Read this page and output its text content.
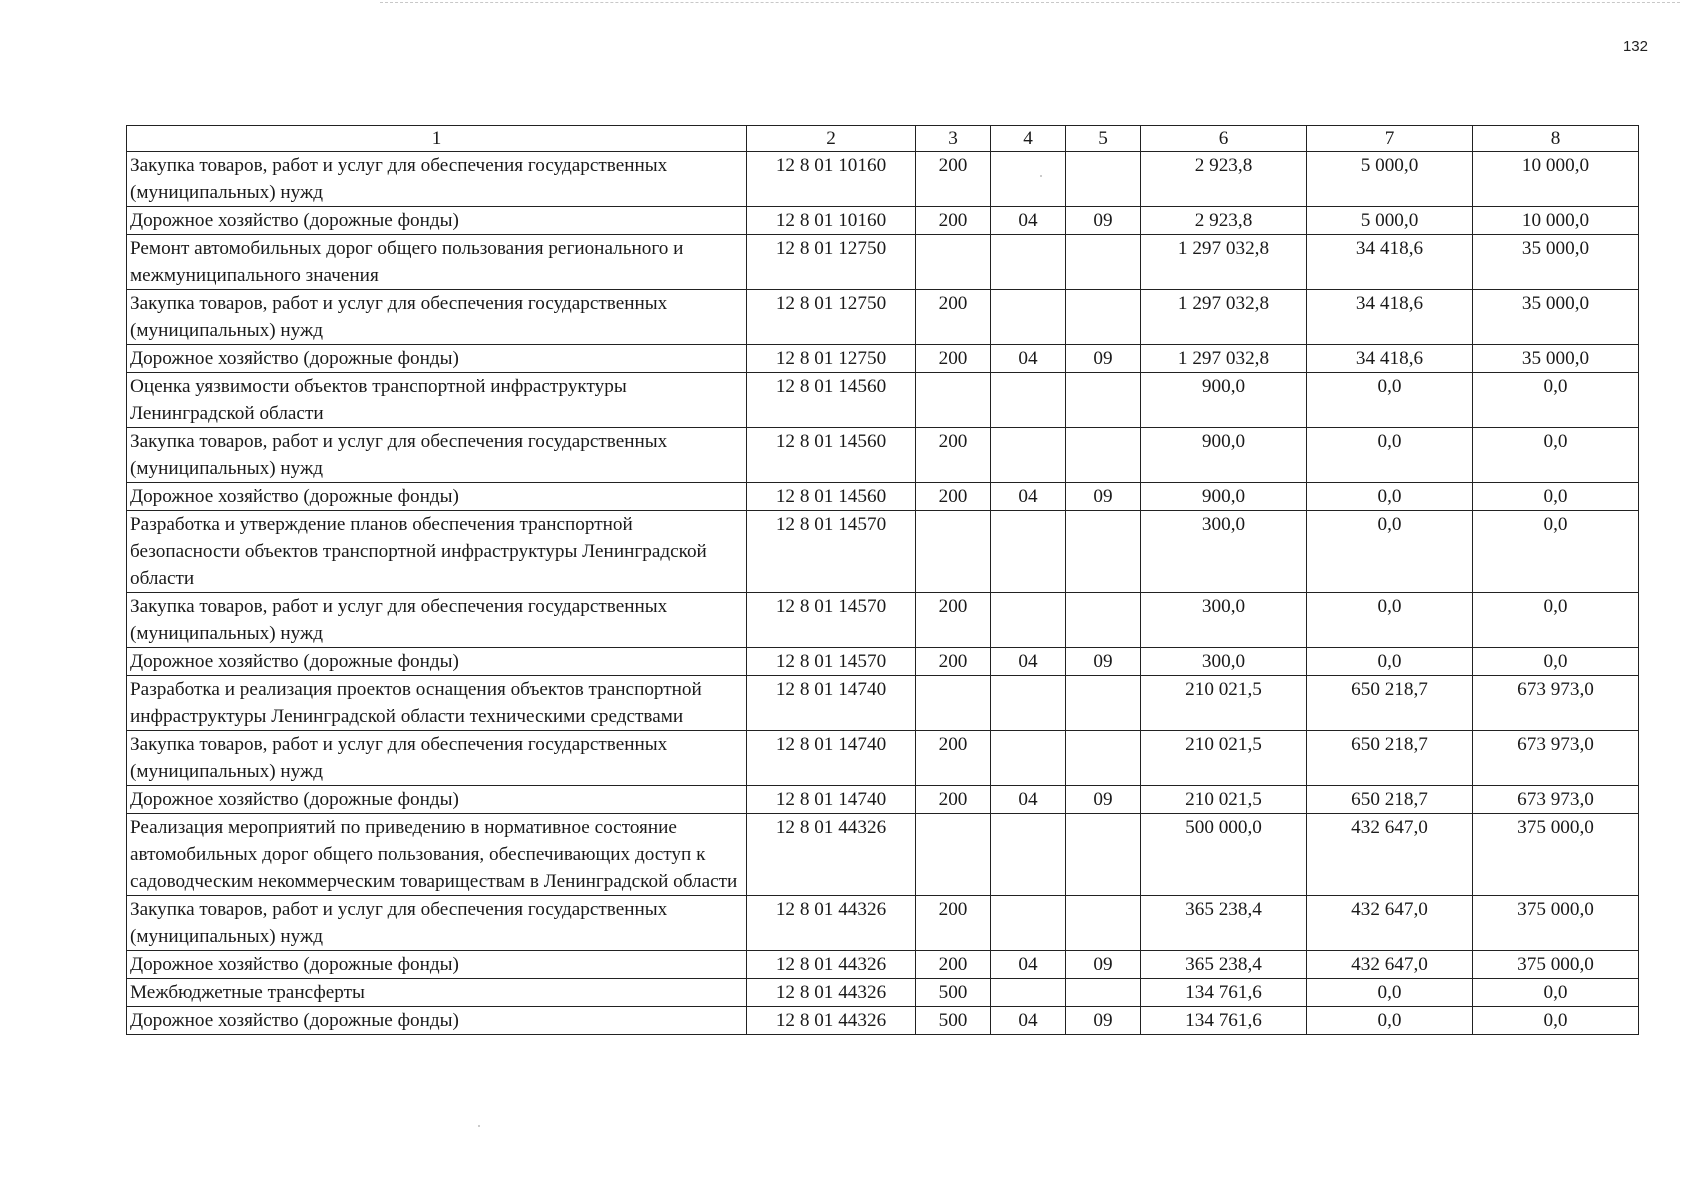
132
1	2	3	4	5	6	7	8
Закупка товаров, работ и услуг для обеспечения государственных (муниципальных) нужд	12 8 01 10160	200			2 923,8	5 000,0	10 000,0
Дорожное хозяйство (дорожные фонды)	12 8 01 10160	200	04	09	2 923,8	5 000,0	10 000,0
Ремонт автомобильных дорог общего пользования регионального и межмуниципального значения	12 8 01 12750				1 297 032,8	34 418,6	35 000,0
Закупка товаров, работ и услуг для обеспечения государственных (муниципальных) нужд	12 8 01 12750	200			1 297 032,8	34 418,6	35 000,0
Дорожное хозяйство (дорожные фонды)	12 8 01 12750	200	04	09	1 297 032,8	34 418,6	35 000,0
Оценка уязвимости объектов транспортной инфраструктуры Ленинградской области	12 8 01 14560				900,0	0,0	0,0
Закупка товаров, работ и услуг для обеспечения государственных (муниципальных) нужд	12 8 01 14560	200			900,0	0,0	0,0
Дорожное хозяйство (дорожные фонды)	12 8 01 14560	200	04	09	900,0	0,0	0,0
Разработка и утверждение планов обеспечения транспортной безопасности объектов транспортной инфраструктуры Ленинградской области	12 8 01 14570				300,0	0,0	0,0
Закупка товаров, работ и услуг для обеспечения государственных (муниципальных) нужд	12 8 01 14570	200			300,0	0,0	0,0
Дорожное хозяйство (дорожные фонды)	12 8 01 14570	200	04	09	300,0	0,0	0,0
Разработка и реализация проектов оснащения объектов транспортной инфраструктуры Ленинградской области техническими средствами	12 8 01 14740				210 021,5	650 218,7	673 973,0
Закупка товаров, работ и услуг для обеспечения государственных (муниципальных) нужд	12 8 01 14740	200			210 021,5	650 218,7	673 973,0
Дорожное хозяйство (дорожные фонды)	12 8 01 14740	200	04	09	210 021,5	650 218,7	673 973,0
Реализация мероприятий по приведению в нормативное состояние автомобильных дорог общего пользования, обеспечивающих доступ к садоводческим некоммерческим товариществам в Ленинградской области	12 8 01 44326				500 000,0	432 647,0	375 000,0
Закупка товаров, работ и услуг для обеспечения государственных (муниципальных) нужд	12 8 01 44326	200			365 238,4	432 647,0	375 000,0
Дорожное хозяйство (дорожные фонды)	12 8 01 44326	200	04	09	365 238,4	432 647,0	375 000,0
Межбюджетные трансферты	12 8 01 44326	500			134 761,6	0,0	0,0
Дорожное хозяйство (дорожные фонды)	12 8 01 44326	500	04	09	134 761,6	0,0	0,0
